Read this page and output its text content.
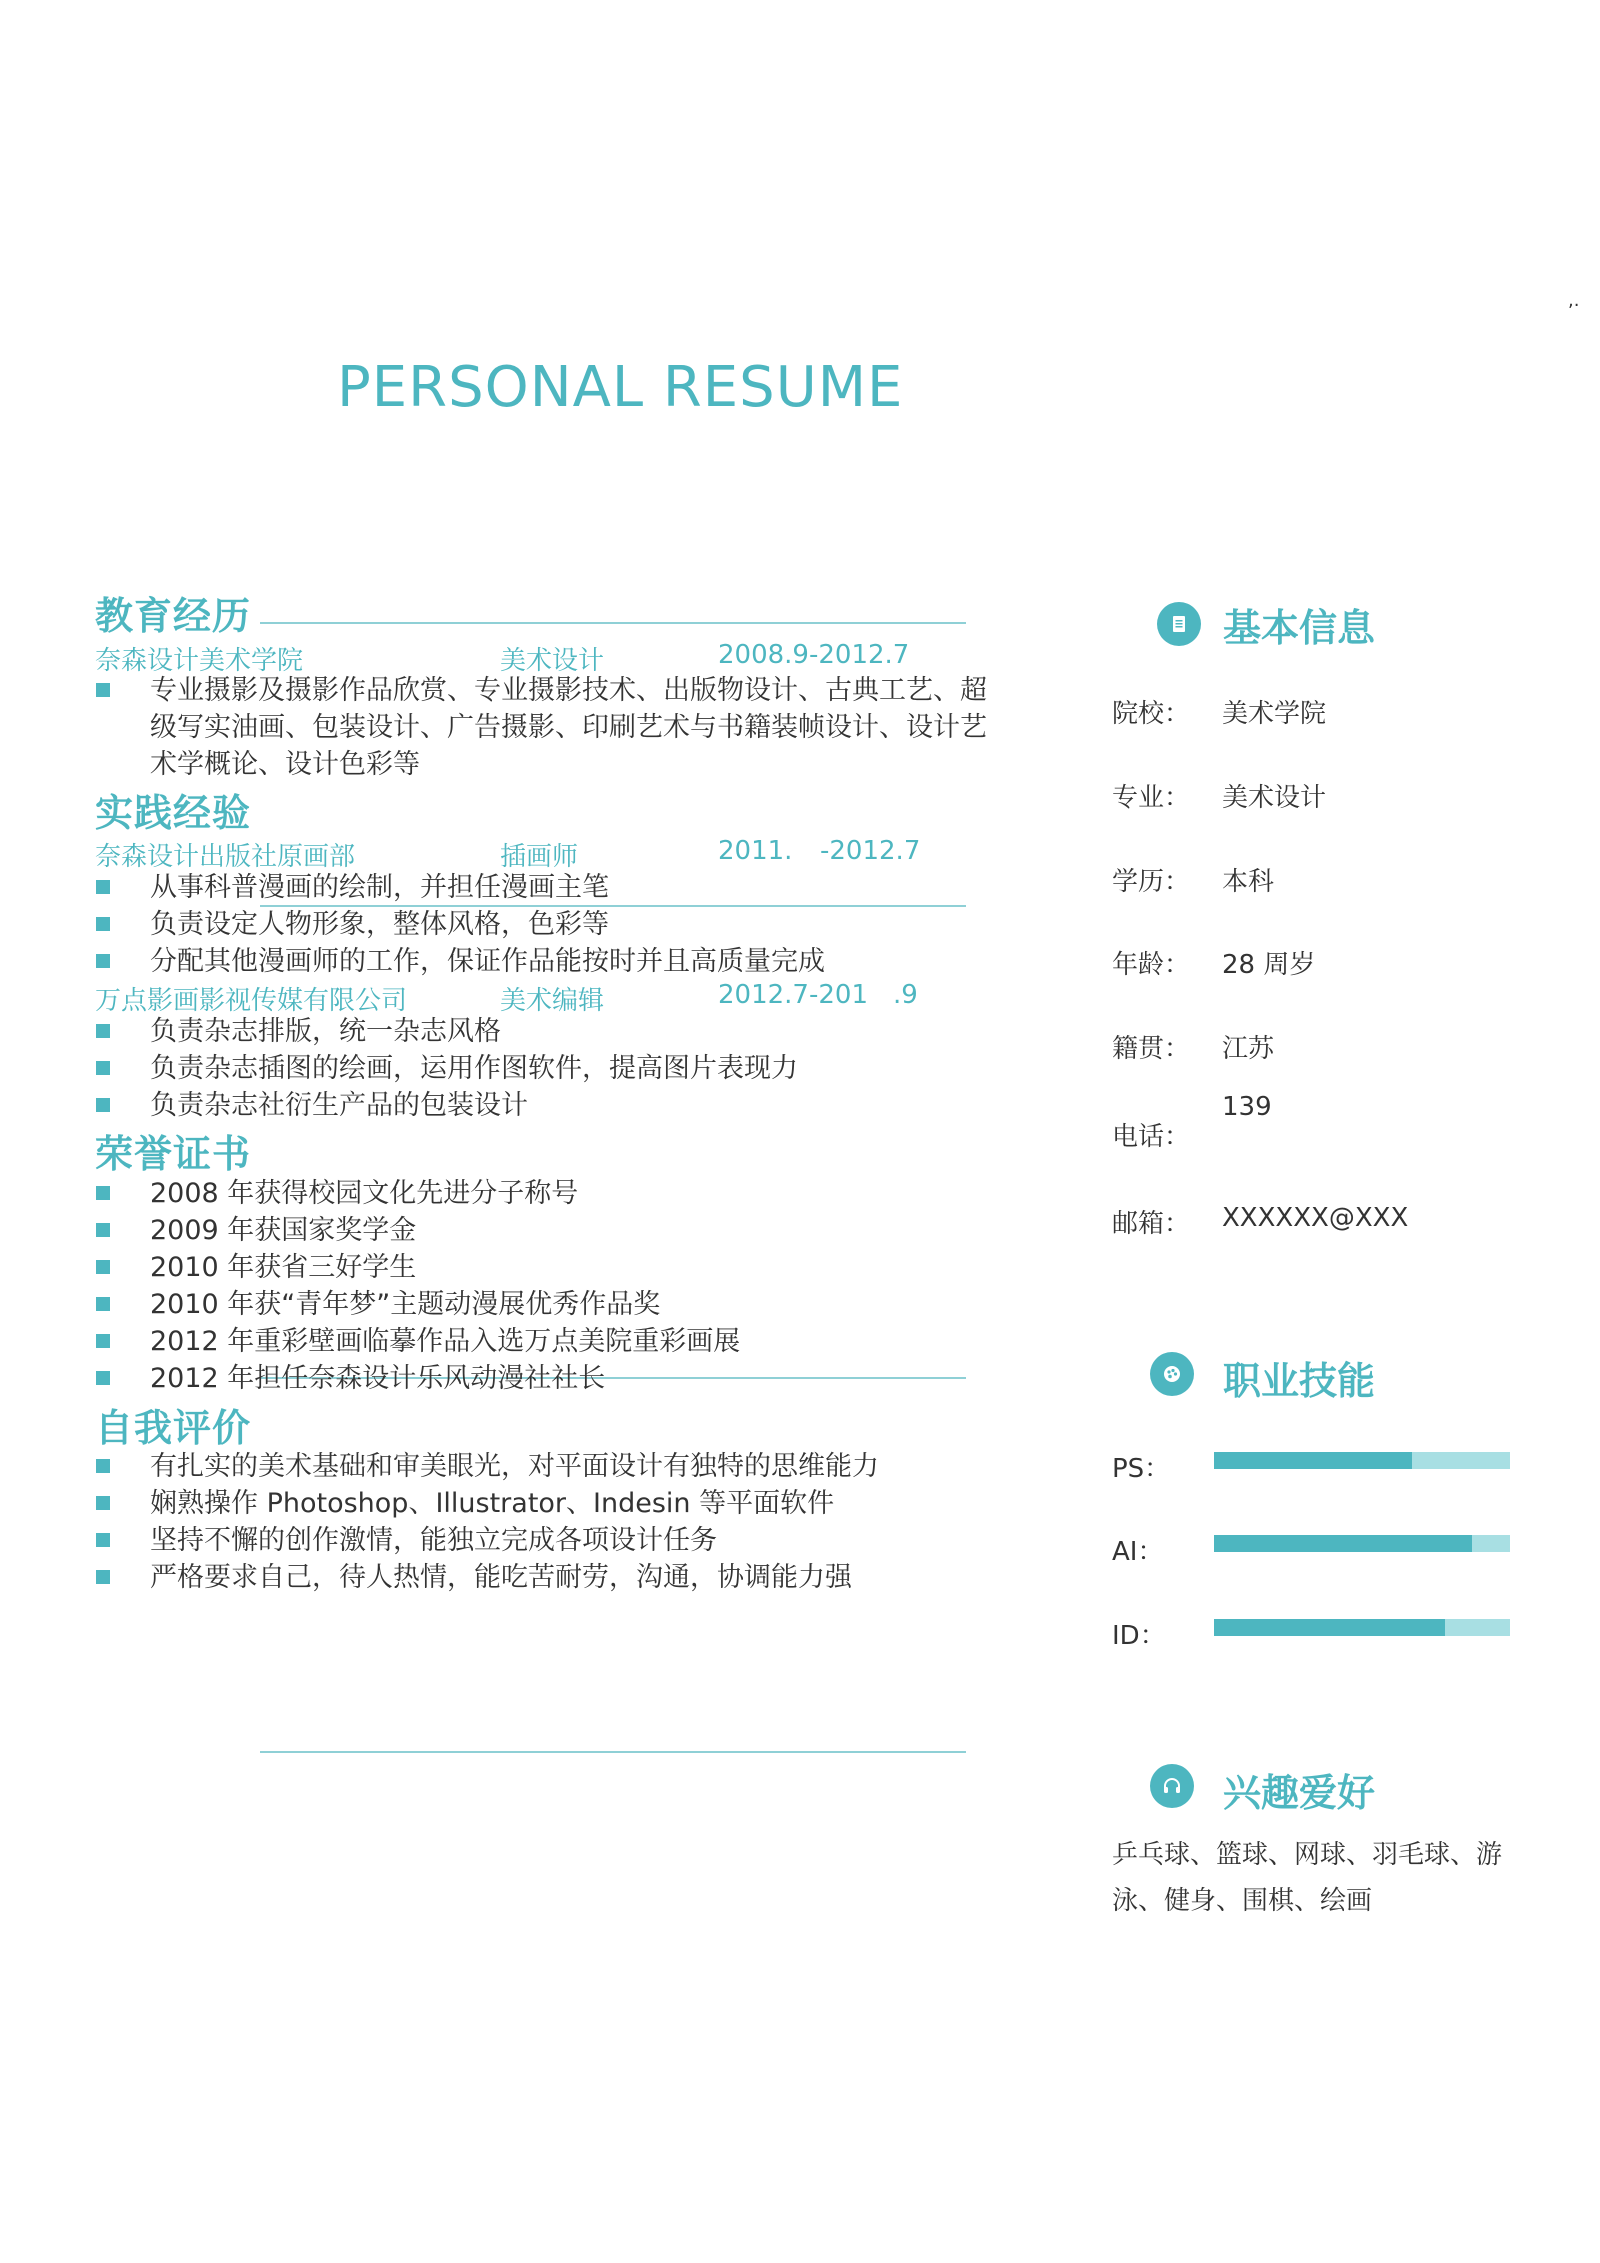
,.
PERSONAL RESUME
教育经历
奈森设计美术学院	美术设计	2008.9-2012.7
专业摄影及摄影作品欣赏、专业摄影技术、出版物设计、古典工艺、超级写实油画、包装设计、广告摄影、印刷艺术与书籍装帧设计、设计艺术学概论、设计色彩等
实践经验
奈森设计出版社原画部	插画师	2011. -2012.7
从事科普漫画的绘制，并担任漫画主笔
负责设定人物形象，整体风格，色彩等
分配其他漫画师的工作，保证作品能按时并且高质量完成
万点影画影视传媒有限公司	美术编辑	2012.7-201 .9
负责杂志排版，统一杂志风格
负责杂志插图的绘画，运用作图软件，提高图片表现力
负责杂志社衍生产品的包装设计
荣誉证书
2008 年获得校园文化先进分子称号
2009 年获国家奖学金
2010 年获省三好学生
2010 年获“青年梦”主题动漫展优秀作品奖
2012 年重彩壁画临摹作品入选万点美院重彩画展
2012 年担任奈森设计乐风动漫社社长
自我评价
有扎实的美术基础和审美眼光，对平面设计有独特的思维能力
娴熟操作 Photoshop、Illustrator、Indesin 等平面软件
坚持不懈的创作激情，能独立完成各项设计任务
严格要求自己，待人热情，能吃苦耐劳，沟通，协调能力强
基本信息
院校： 美术学院
专业： 美术设计
学历： 本科
年龄： 28 周岁
籍贯： 江苏
电话：
139
邮箱： XXXXXX@XXX
职业技能
PS：
AI：
ID：
兴趣爱好
乒乓球、篮球、网球、羽毛球、游泳、健身、围棋、绘画
